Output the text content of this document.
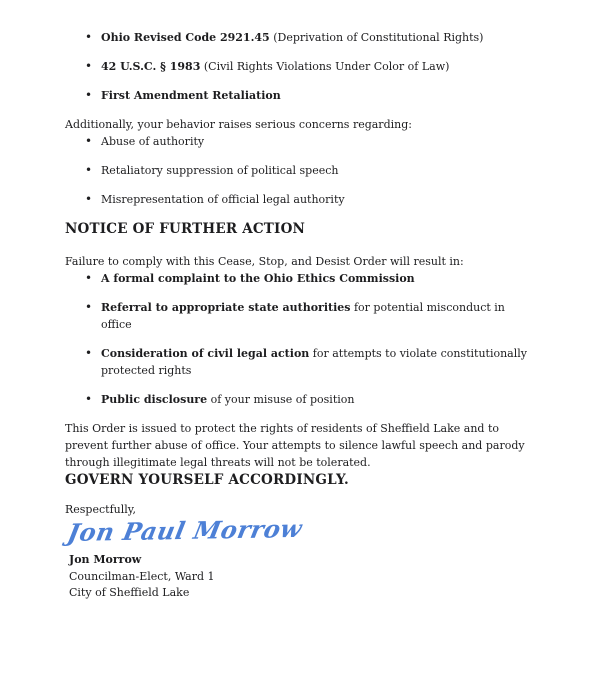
• Ohio Revised Code 2921.45 (Deprivation of Constitutional Rights)
• 42 U.S.C. § 1983 (Civil Rights Violations Under Color of Law)
• First Amendment Retaliation

Additionally, your behavior raises serious concerns regarding:

• Abuse of authority
• Retaliatory suppression of political speech
• Misrepresentation of official legal authority
NOTICE OF FURTHER ACTION

Failure to comply with this Cease, Stop, and Desist Order will result in:

• A formal complaint to the Ohio Ethics Commission
• Referral to appropriate state authorities for potential misconduct in office
• Consideration of civil legal action for attempts to violate constitutionally protected rights
• Public disclosure of your misuse of position

This Order is issued to protect the rights of residents of Sheffield Lake and to prevent further abuse of office. Your attempts to silence lawful speech and parody through illegitimate legal threats will not be tolerated.

GOVERN YOURSELF ACCORDINGLY.

Respectfully,

Jon Paul Morrow
Jon Morrow
Councilman-Elect, Ward 1
City of Sheffield Lake
